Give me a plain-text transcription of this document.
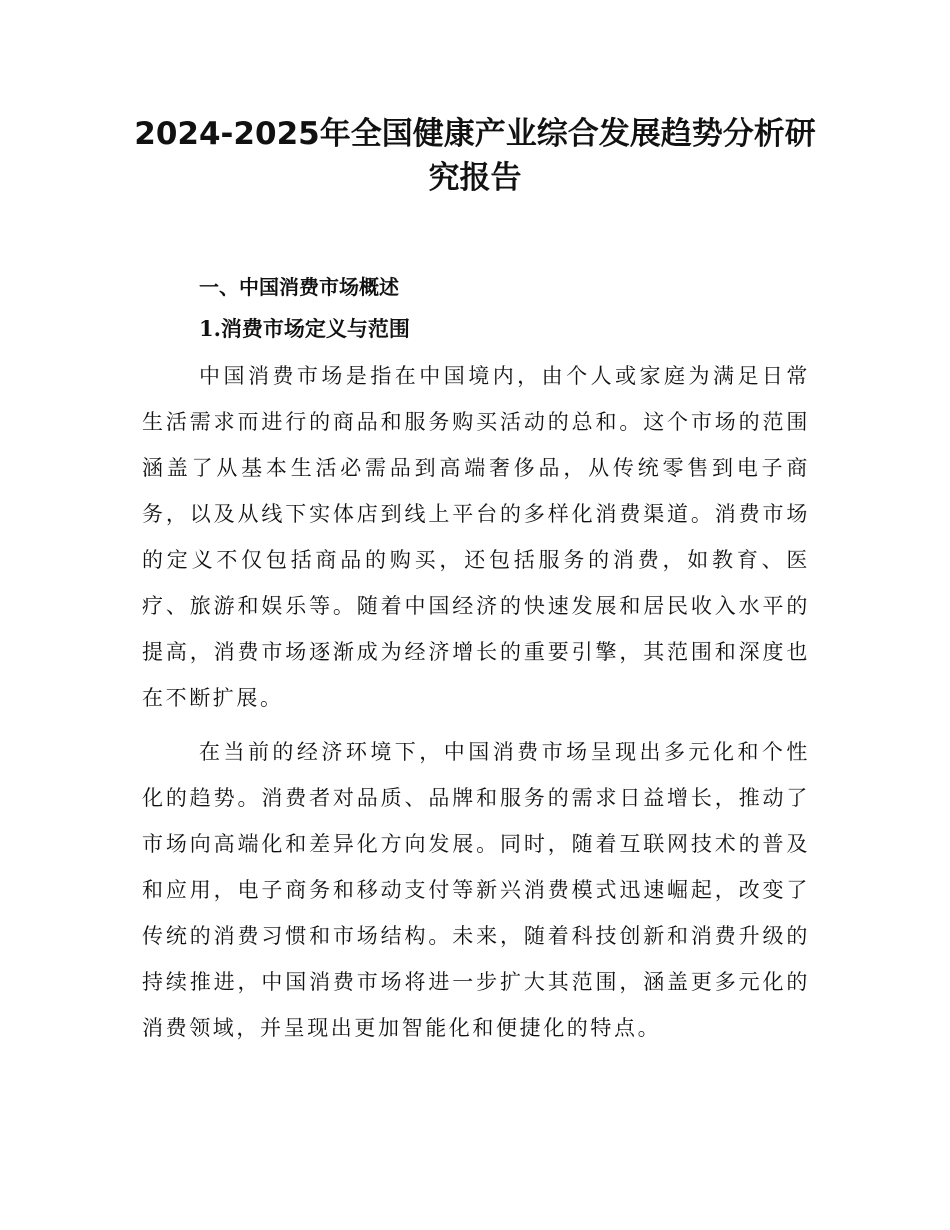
2024-2025年全国健康产业综合发展趋势分析研究报告
一、中国消费市场概述
1.消费市场定义与范围

中国消费市场是指在中国境内，由个人或家庭为满足日常生活需求而进行的商品和服务购买活动的总和。这个市场的范围涵盖了从基本生活必需品到高端奢侈品，从传统零售到电子商务，以及从线下实体店到线上平台的多样化消费渠道。消费市场的定义不仅包括商品的购买，还包括服务的消费，如教育、医疗、旅游和娱乐等。随着中国经济的快速发展和居民收入水平的提高，消费市场逐渐成为经济增长的重要引擎，其范围和深度也在不断扩展。

在当前的经济环境下，中国消费市场呈现出多元化和个性化的趋势。消费者对品质、品牌和服务的需求日益增长，推动了市场向高端化和差异化方向发展。同时，随着互联网技术的普及和应用，电子商务和移动支付等新兴消费模式迅速崛起，改变了传统的消费习惯和市场结构。未来，随着科技创新和消费升级的持续推进，中国消费市场将进一步扩大其范围，涵盖更多元化的消费领域，并呈现出更加智能化和便捷化的特点。
